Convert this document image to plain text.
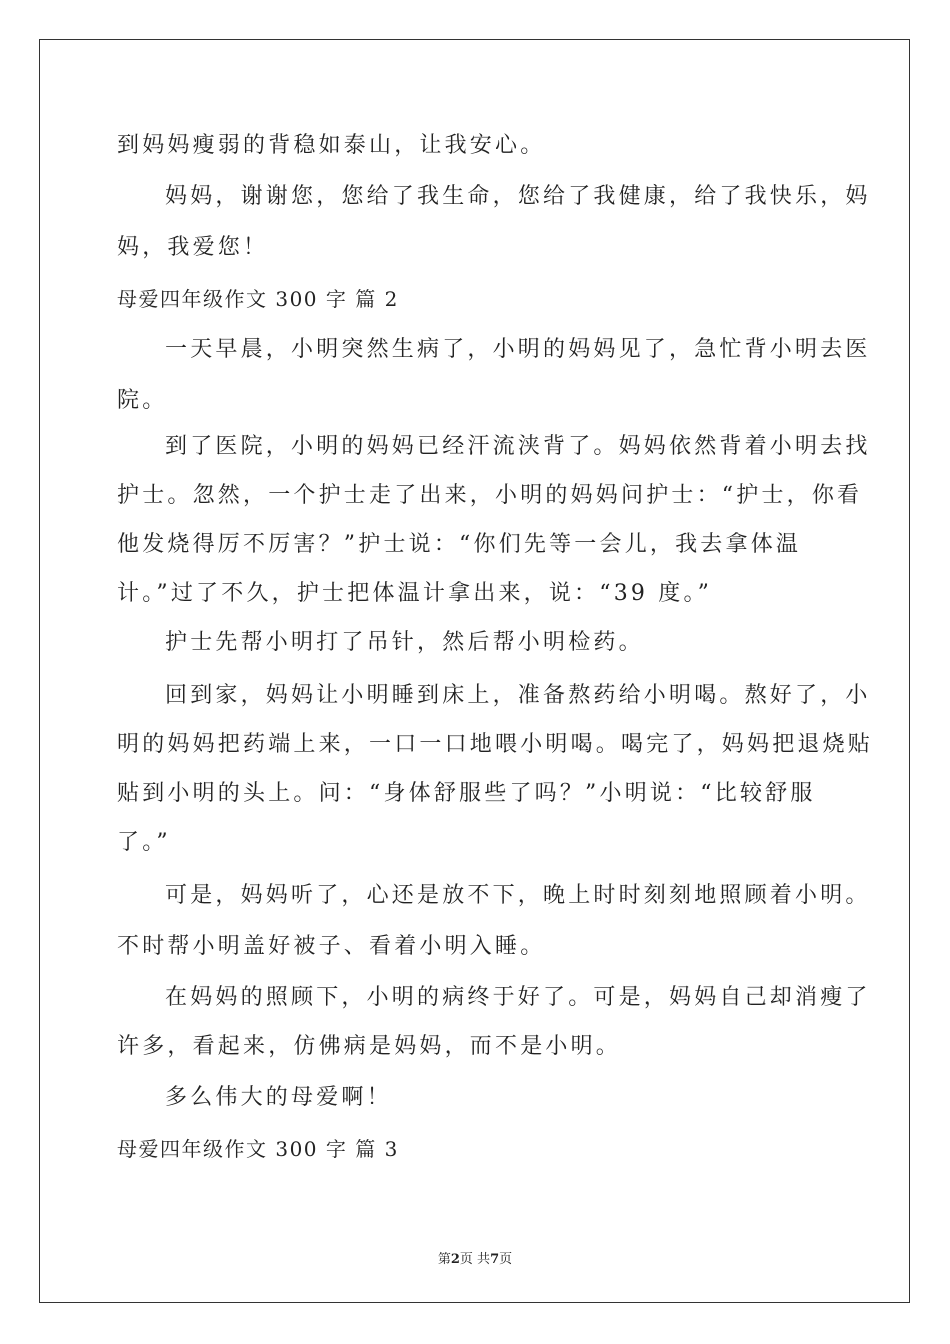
到妈妈瘦弱的背稳如泰山，让我安心。
妈妈，谢谢您，您给了我生命，您给了我健康，给了我快乐，妈
妈，我爱您！
母爱四年级作文 300 字 篇 2
一天早晨，小明突然生病了，小明的妈妈见了，急忙背小明去医
院。
到了医院，小明的妈妈已经汗流浃背了。妈妈依然背着小明去找
护士。忽然，一个护士走了出来，小明的妈妈问护士：“护士，你看
他发烧得厉不厉害？”护士说：“你们先等一会儿，我去拿体温
计。”过了不久，护士把体温计拿出来，说：“39 度。”
护士先帮小明打了吊针，然后帮小明检药。
回到家，妈妈让小明睡到床上，准备熬药给小明喝。熬好了，小
明的妈妈把药端上来，一口一口地喂小明喝。喝完了，妈妈把退烧贴
贴到小明的头上。问：“身体舒服些了吗？”小明说：“比较舒服
了。”
可是，妈妈听了，心还是放不下，晚上时时刻刻地照顾着小明。
不时帮小明盖好被子、看着小明入睡。
在妈妈的照顾下，小明的病终于好了。可是，妈妈自己却消瘦了
许多，看起来，仿佛病是妈妈，而不是小明。
多么伟大的母爱啊！
母爱四年级作文 300 字 篇 3
第2页 共7页
